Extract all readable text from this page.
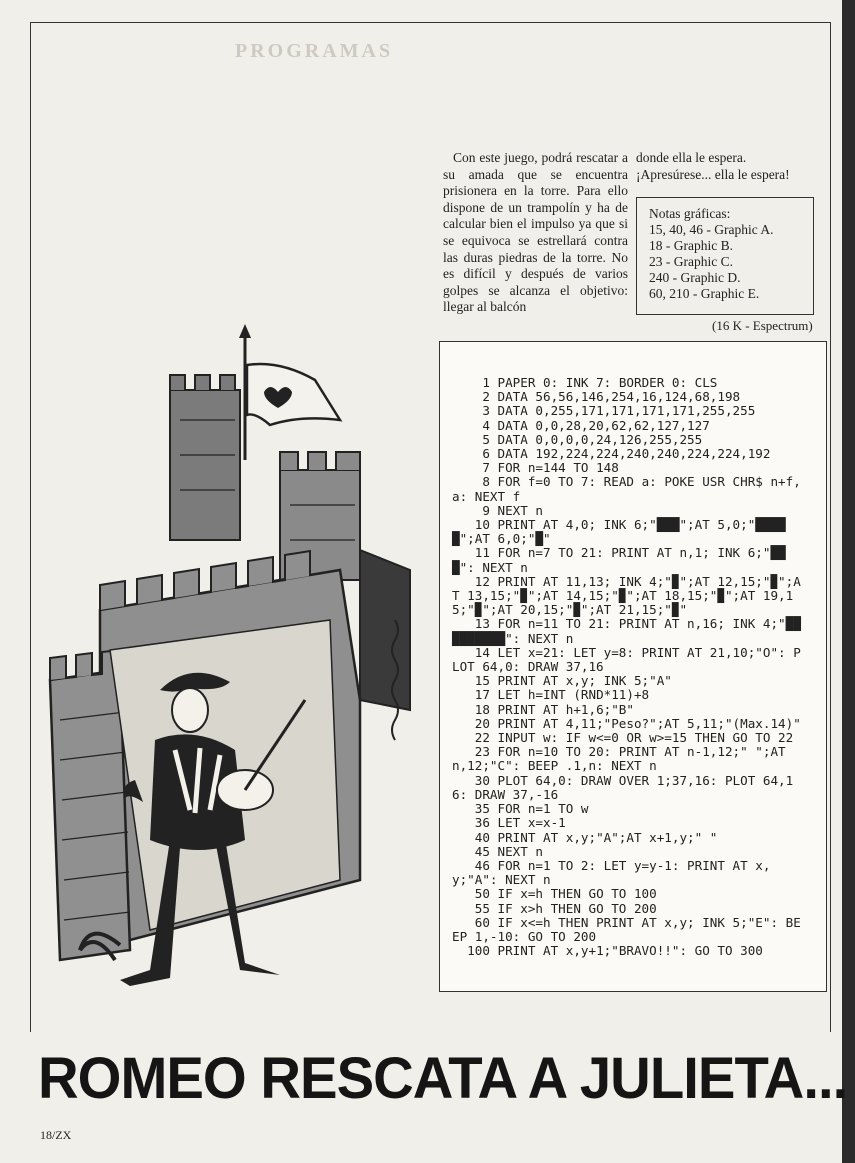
PROGRAMAS

Con este juego, podrá rescatar a su amada que se encuentra prisionera en la torre. Para ello dispone de un trampolín y ha de calcular bien el impulso ya que si se equivoca se estrellará contra las duras piedras de la torre. No es difícil y después de varios golpes se alcanza el objetivo: llegar al balcón

donde ella le espera. ¡Apresúrese... ella le espera!

Notas gráficas:
15, 40, 46 - Graphic A.
18 - Graphic B.
23 - Graphic C.
240 - Graphic D.
60, 210 - Graphic E.
(16 K - Espectrum)
1 PAPER 0: INK 7: BORDER 0: CLS
2 DATA 56,56,146,254,16,124,68,198
3 DATA 0,255,171,171,171,171,255,255
4 DATA 0,0,28,20,62,62,127,127
5 DATA 0,0,0,0,24,126,255,255
6 DATA 192,224,224,240,240,224,224,192
7 FOR n=144 TO 148
8 FOR f=0 TO 7: READ a: POKE USR CHR$ n+f,a: NEXT f
9 NEXT n
10 PRINT AT 4,0; INK 6;"███";AT 5,0;"█████";AT 6,0;"█"
11 FOR n=7 TO 21: PRINT AT n,1; INK 6;"███": NEXT n
12 PRINT AT 11,13; INK 4;"▉";AT 12,15;"▉";AT 13,15;"▉";AT 14,15;"▉";AT 18,15;"▉";AT 19,15;"▉";AT 20,15;"▉";AT 21,15;"▉"
13 FOR n=11 TO 21: PRINT AT n,16; INK 4;"█████████": NEXT n
14 LET x=21: LET y=8: PRINT AT 21,10;"O": PLOT 64,0: DRAW 37,16
15 PRINT AT x,y; INK 5;"A"
17 LET h=INT (RND*11)+8
18 PRINT AT h+1,6;"B"
20 PRINT AT 4,11;"Peso?";AT 5,11;"(Max.14)"
22 INPUT w: IF w<=0 OR w>=15 THEN GO TO 22
23 FOR n=10 TO 20: PRINT AT n-1,12;" ";AT n,12;"C": BEEP .1,n: NEXT n
30 PLOT 64,0: DRAW OVER 1;37,16: PLOT 64,16: DRAW 37,-16
35 FOR n=1 TO w
36 LET x=x-1
40 PRINT AT x,y;"A";AT x+1,y;" "
45 NEXT n
46 FOR n=1 TO 2: LET y=y-1: PRINT AT x,y;"A": NEXT n
50 IF x=h THEN GO TO 100
55 IF x>h THEN GO TO 200
60 IF x<=h THEN PRINT AT x,y; INK 5;"E": BEEP 1,-10: GO TO 200
100 PRINT AT x,y+1;"BRAVO!!": GO TO 300
ROMEO RESCATA A JULIETA...
18/ZX
